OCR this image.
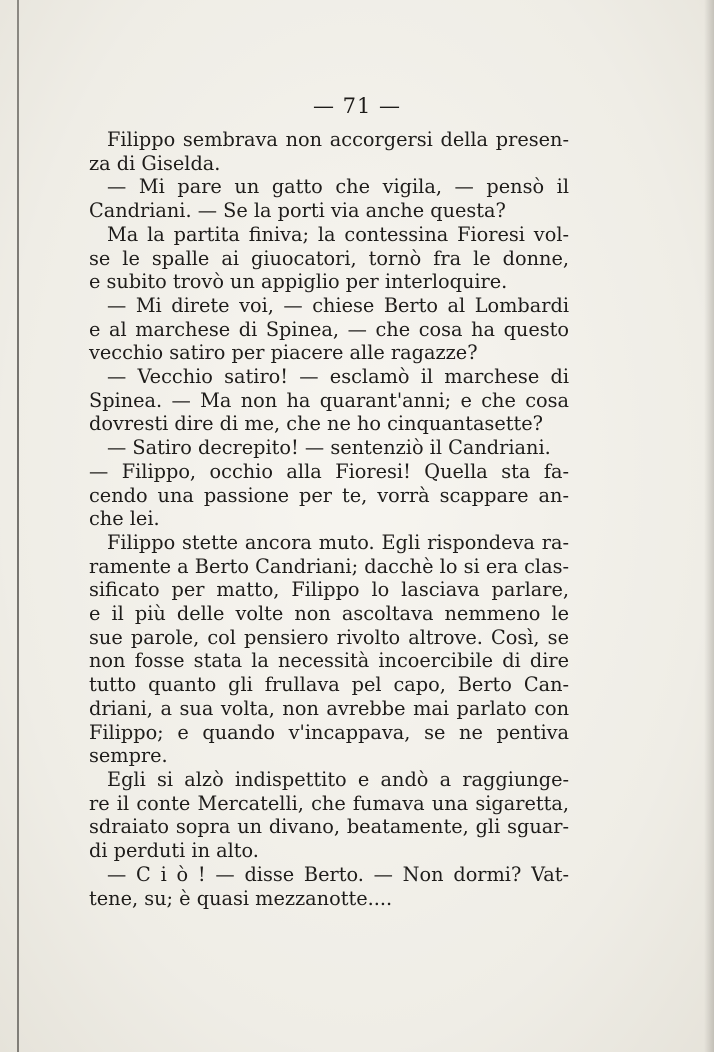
— 71 —
Filippo sembrava non accorgersi della presen-
za di Giselda.
— Mi pare un gatto che vigila, — pensò il
Candriani. — Se la porti via anche questa?
Ma la partita finiva; la contessina Fioresi vol-
se le spalle ai giuocatori, tornò fra le donne,
e subito trovò un appiglio per interloquire.
— Mi direte voi, — chiese Berto al Lombardi
e al marchese di Spinea, — che cosa ha questo
vecchio satiro per piacere alle ragazze?
— Vecchio satiro! — esclamò il marchese di
Spinea. — Ma non ha quarant'anni; e che cosa
dovresti dire di me, che ne ho cinquantasette?
— Satiro decrepito! — sentenziò il Candriani.
— Filippo, occhio alla Fioresi! Quella sta fa-
cendo una passione per te, vorrà scappare an-
che lei.
Filippo stette ancora muto. Egli rispondeva ra-
ramente a Berto Candriani; dacchè lo si era clas-
sificato per matto, Filippo lo lasciava parlare,
e il più delle volte non ascoltava nemmeno le
sue parole, col pensiero rivolto altrove. Così, se
non fosse stata la necessità incoercibile di dire
tutto quanto gli frullava pel capo, Berto Can-
driani, a sua volta, non avrebbe mai parlato con
Filippo; e quando v'incappava, se ne pentiva
sempre.
Egli si alzò indispettito e andò a raggiunge-
re il conte Mercatelli, che fumava una sigaretta,
sdraiato sopra un divano, beatamente, gli sguar-
di perduti in alto.
— C i ò ! — disse Berto. — Non dormi? Vat-
tene, su; è quasi mezzanotte....
